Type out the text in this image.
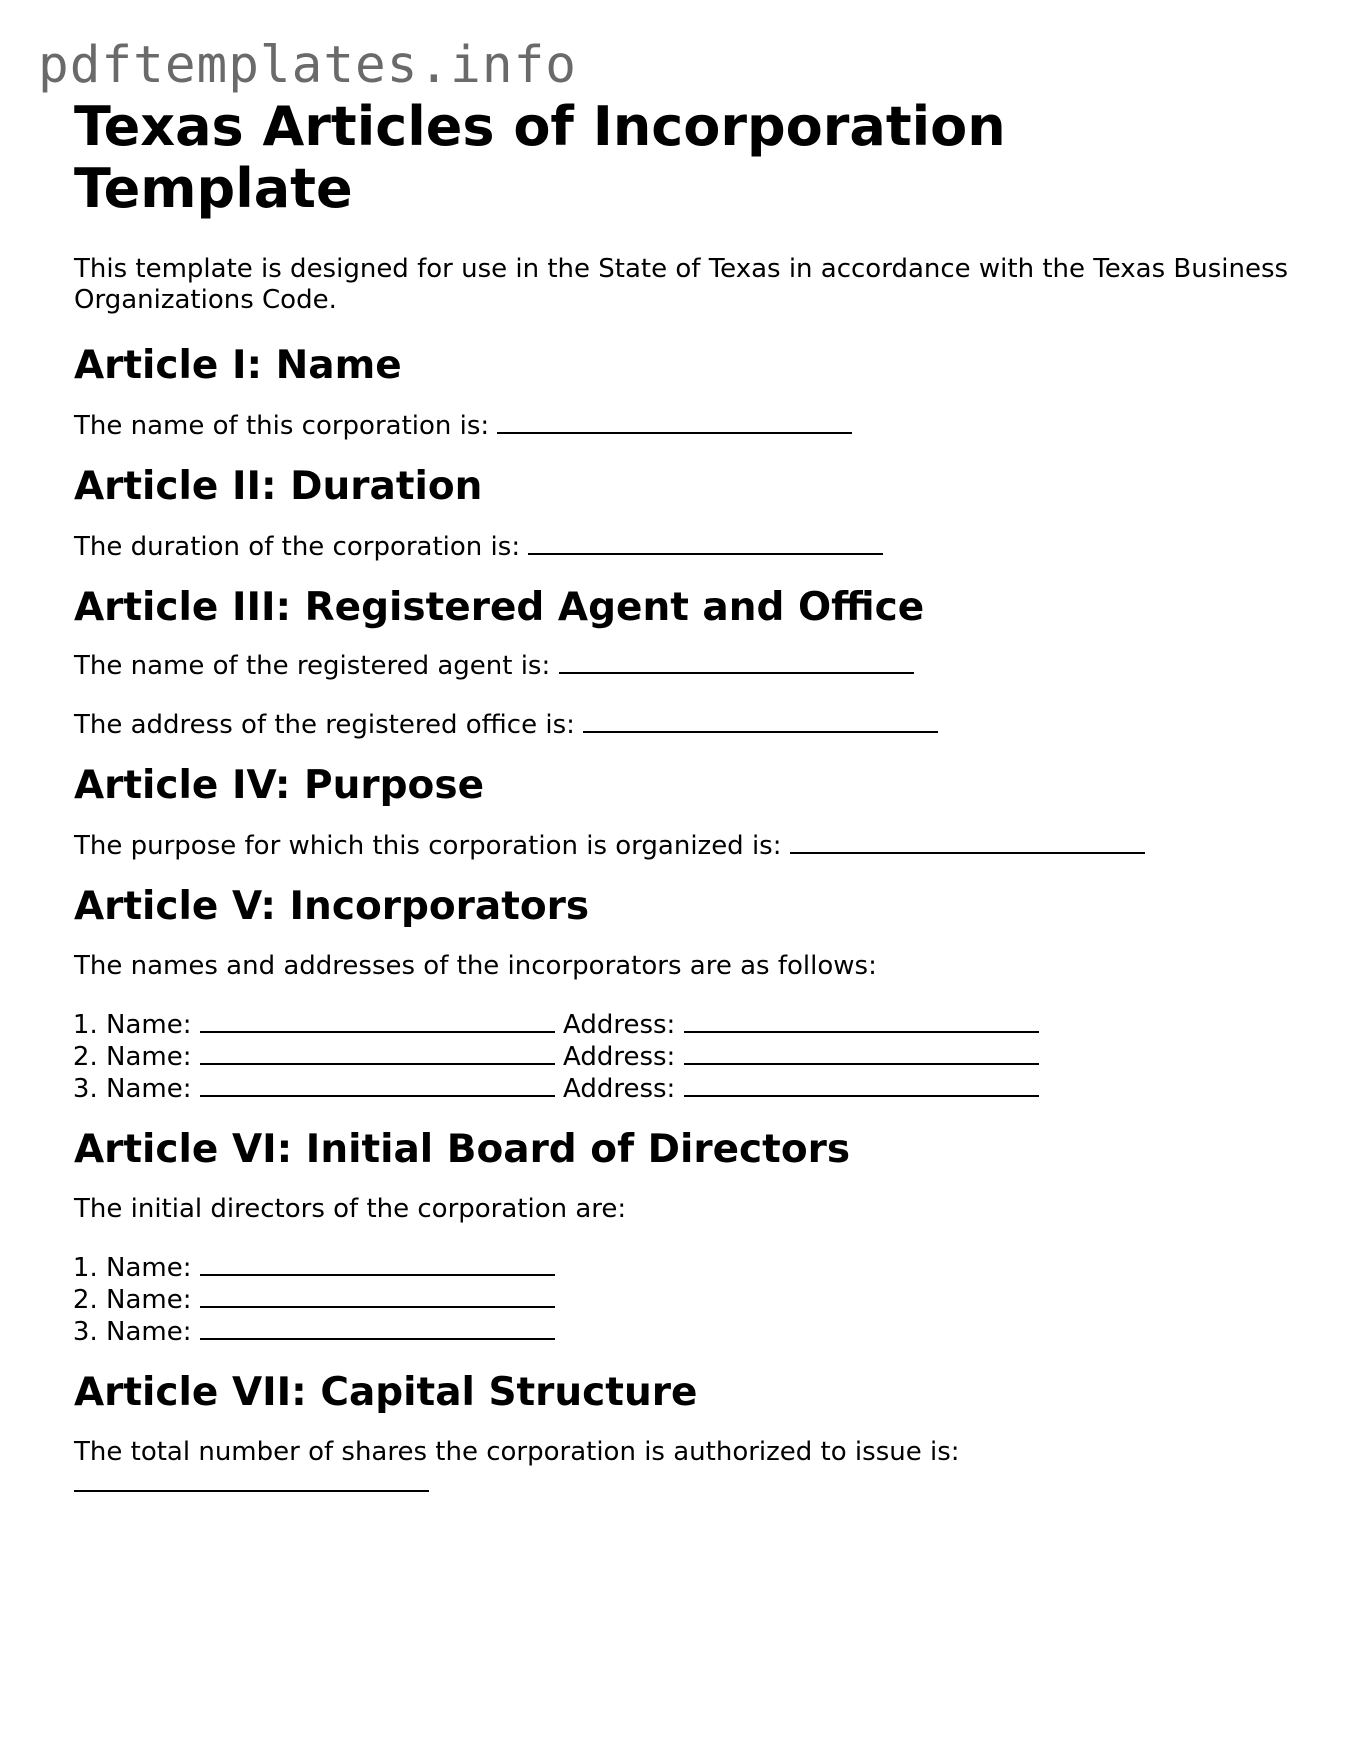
pdftemplates.info
Texas Articles of Incorporation Template

This template is designed for use in the State of Texas in accordance with the Texas Business Organizations Code.

Article I: Name

The name of this corporation is:

Article II: Duration

The duration of the corporation is:

Article III: Registered Agent and Office

The name of the registered agent is:

The address of the registered office is:

Article IV: Purpose

The purpose for which this corporation is organized is:

Article V: Incorporators

The names and addresses of the incorporators are as follows:

1. Name:	Address:
2. Name:	Address:
3. Name:	Address:
Article VI: Initial Board of Directors

The initial directors of the corporation are:

1. Name:
2. Name:
3. Name:
Article VII: Capital Structure

The total number of shares the corporation is authorized to issue is:
